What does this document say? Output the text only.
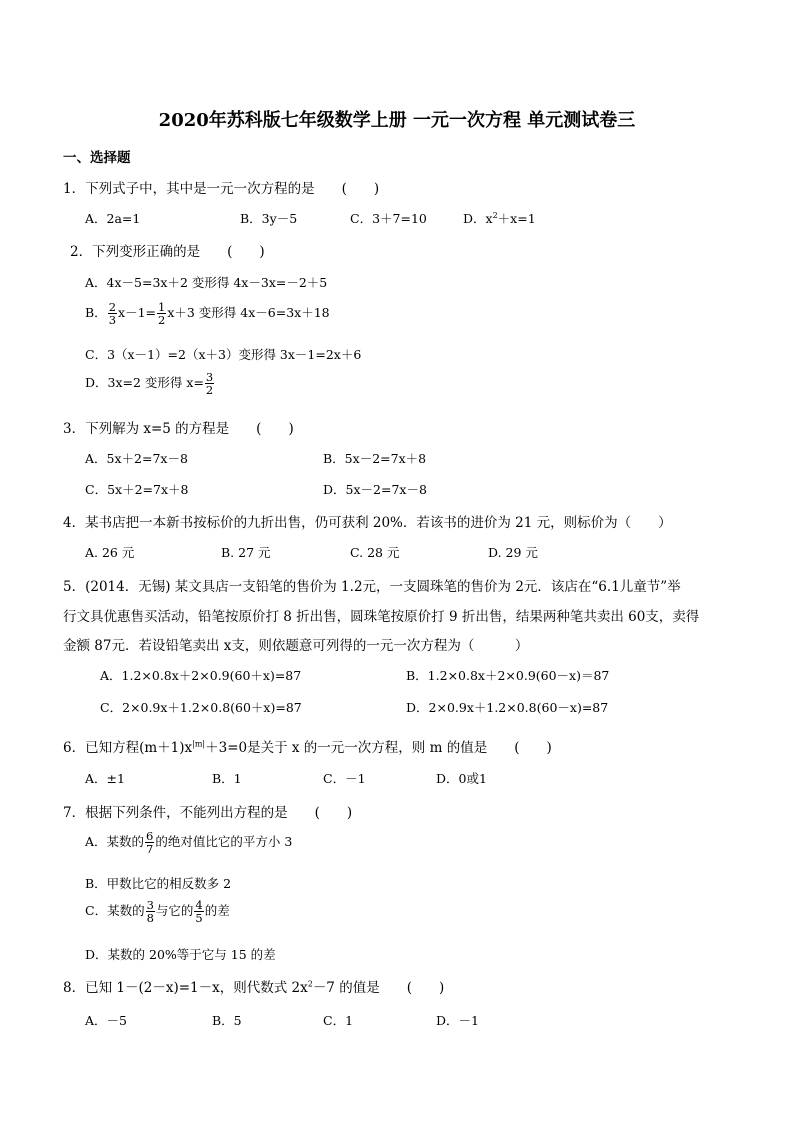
2020年苏科版七年级数学上册 一元一次方程 单元测试卷三
一、选择题
1．下列式子中，其中是一元一次方程的是　　(　　)
A．2a=1	B．3y－5	C．3＋7=10	D．$x^2+x=1$
2．下列变形正确的是　　(　　)
A．4x－5=3x＋2 变形得 4x－3x=－2＋5
B． $\frac{2}{3} x-1= \frac{1}{2} x+3$ 变形得 4x－6=3x＋18
C．3（x－1）=2（x＋3）变形得 3x－1=2x＋6
D．3x=2 变形得 $x= \frac{3}{2}$
3．下列解为 x=5 的方程是　　(　　)
A．5x＋2=7x－8	B．5x－2=7x＋8
C．5x＋2=7x＋8	D．5x－2=7x－8
4．某书店把一本新书按标价的九折出售，仍可获利 20%．若该书的进价为 21 元，则标价为（　　）
A. 26 元	B. 27 元	C. 28 元	D. 29 元
5．(2014．无锡) 某文具店一支铅笔的售价为 1.2元，一支圆珠笔的售价为 2元．该店在“6.1儿童节”举
行文具优惠售买活动，铅笔按原价打 8 折出售，圆珠笔按原价打 9 折出售，结果两种笔共卖出 60支，卖得
金额 87元．若设铅笔卖出 x支，则依题意可列得的一元一次方程为（　　　）
A．1.2×0.8x＋2×0.9(60＋x)=87	B．1.2×0.8x＋2×0.9(60－x)＝87
C．2×0.9x＋1.2×0.8(60＋x)=87	D．2×0.9x＋1.2×0.8(60－x)=87
6．已知方程$(m+1)x^{|m|}+3=0$是关于 x 的一元一次方程，则 m 的值是　　(　　)
A．±1	B．1	C．－1	D．0或1
7．根据下列条件，不能列出方程的是　　(　　)
A．某数的 $\frac{6}{7}$ 的绝对值比它的平方小 3
B．甲数比它的相反数多 2
C．某数的 $\frac{3}{8}$ 与它的 $\frac{4}{5}$ 的差
D．某数的 20%等于它与 15 的差
8．已知 1－(2－x)=1－x，则代数式 $2x^2-7$ 的值是　　(　　)
A．－5	B．5	C．1	D．－1
